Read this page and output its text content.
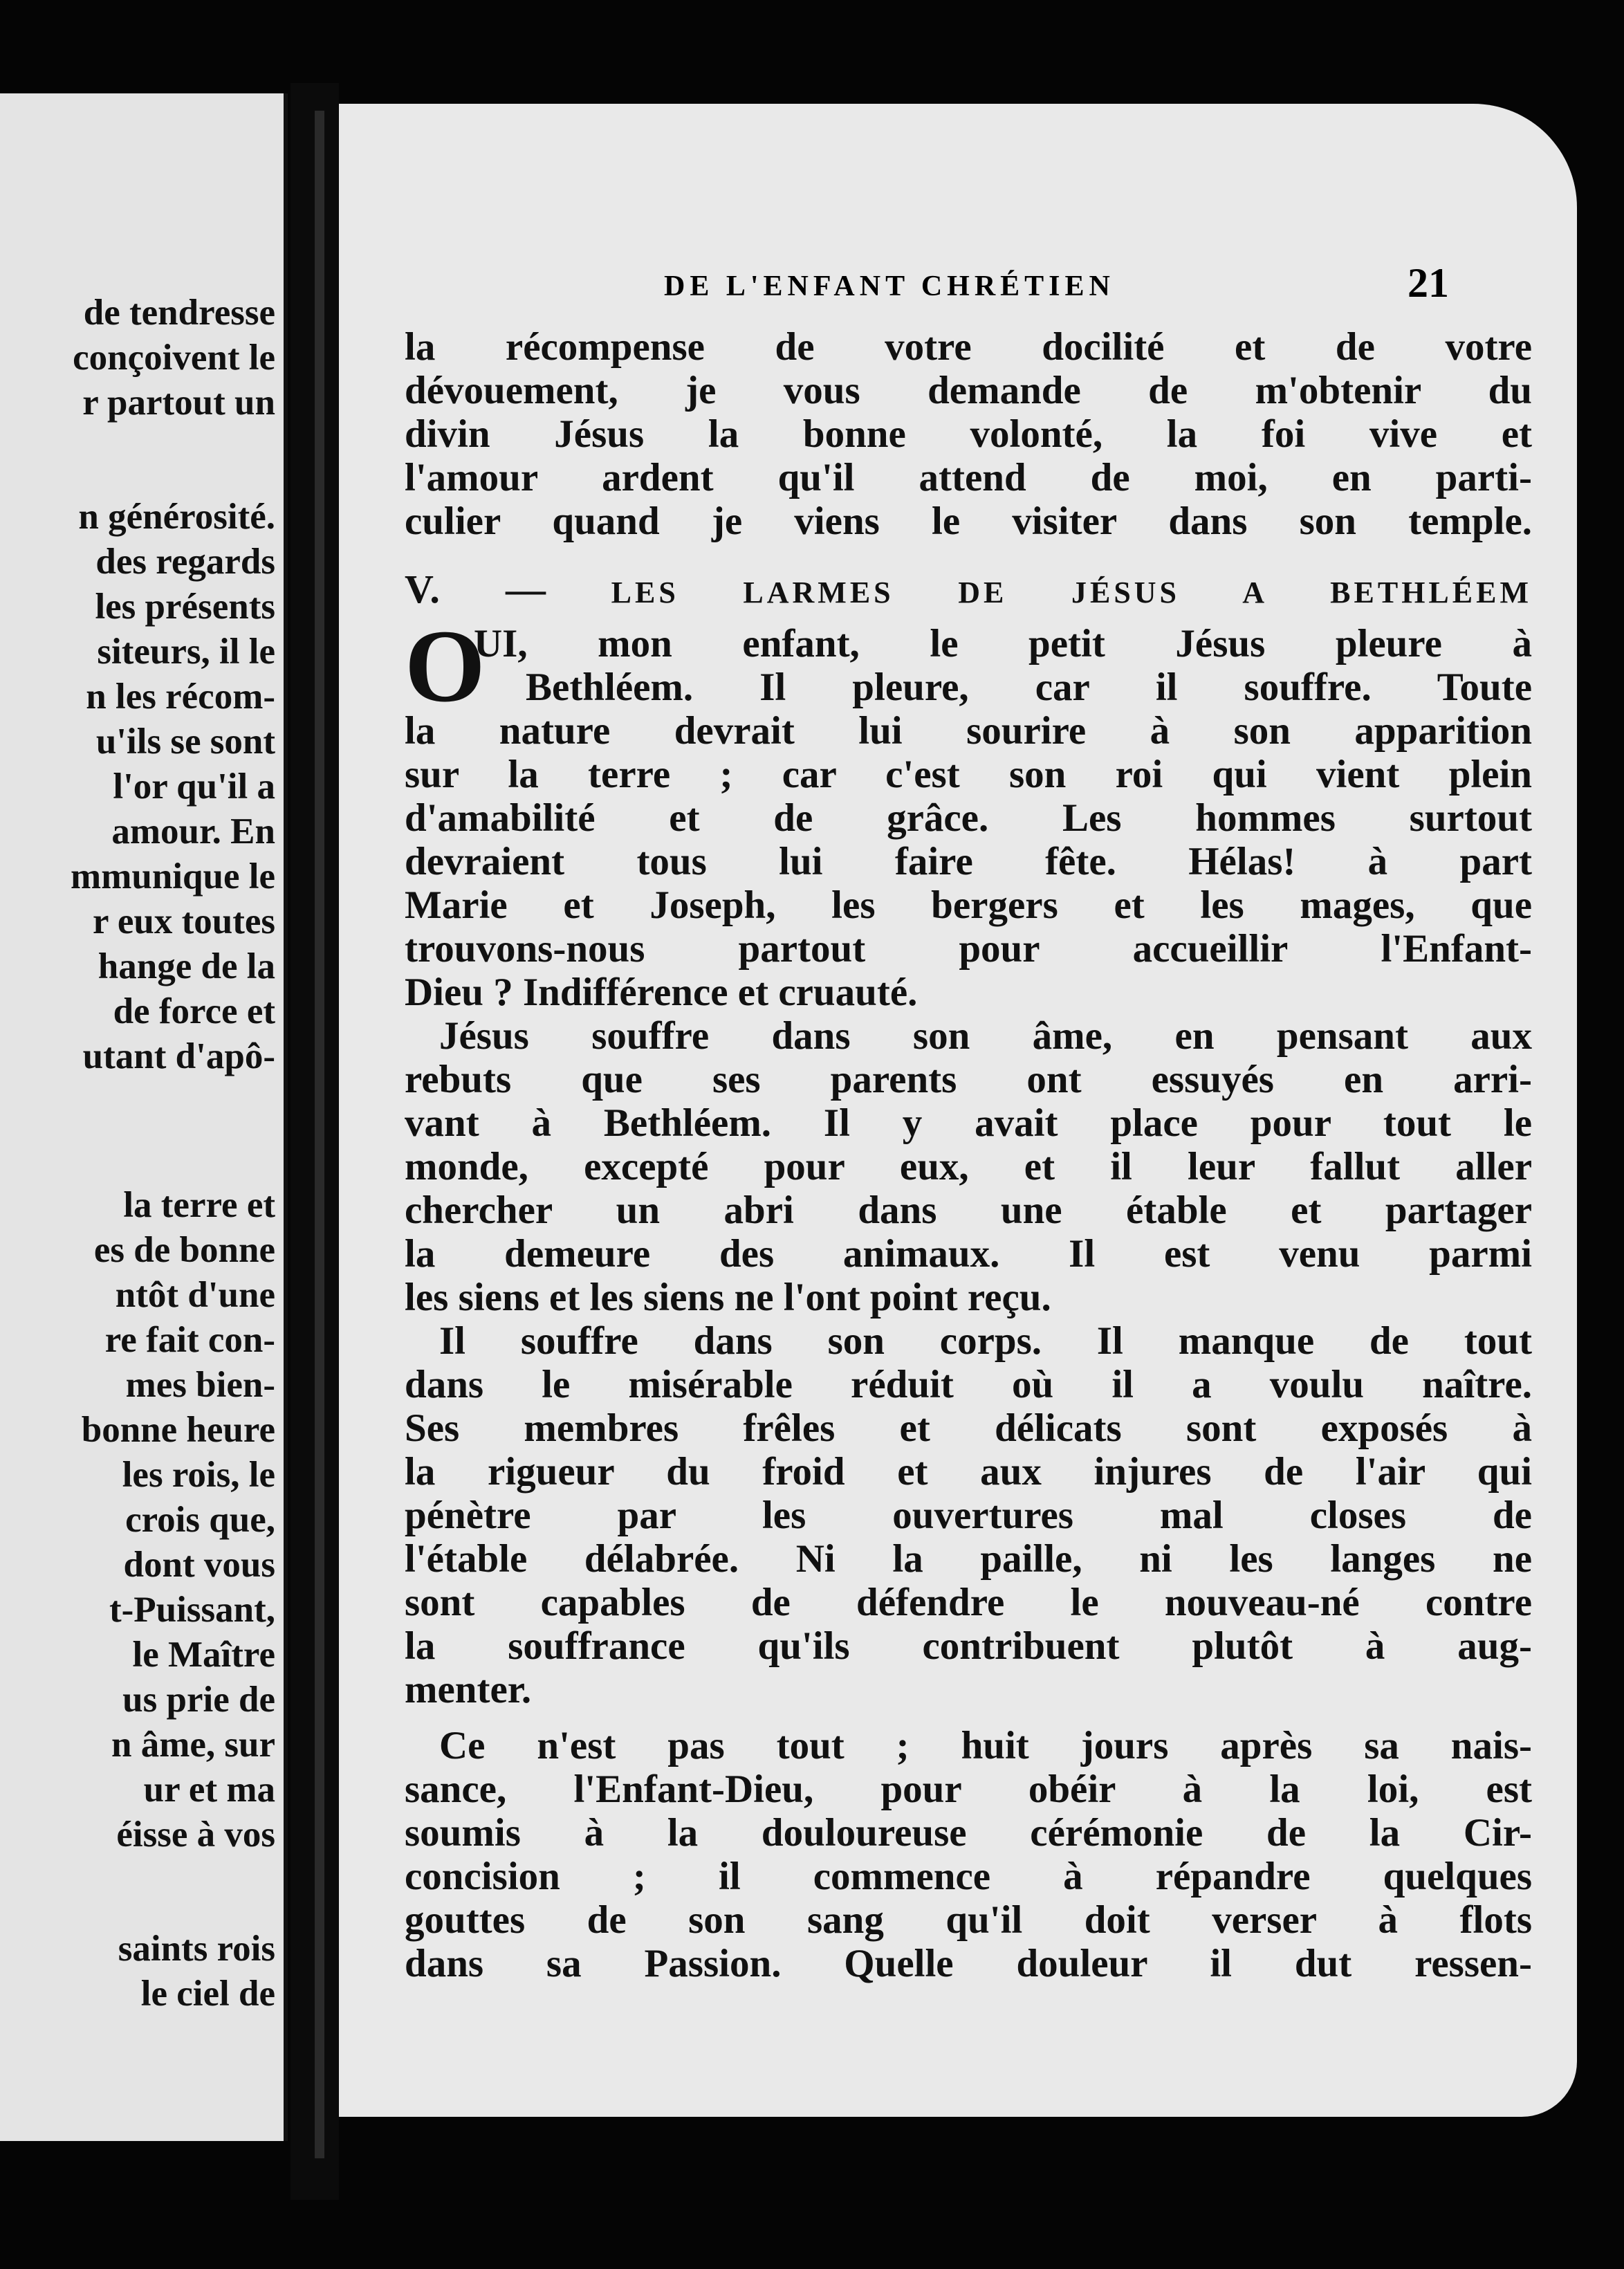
de tendresse
conçoivent le
r partout un
n générosité.
des regards
les présents
siteurs, il le
n les récom-
u'ils se sont
l'or qu'il a
amour. En
mmunique le
r eux toutes
hange de la
de force et
utant d'apô-
la terre et
es de bonne
ntôt d'une
re fait con-
mes bien-
bonne heure
les rois, le
crois que,
dont vous
t-Puissant,
le Maître
us prie de
n âme, sur
ur et ma
éisse à vos
saints rois
le ciel de
DE L'ENFANT CHRÉTIEN	21
la récompense de votre docilité et de votre
dévouement, je vous demande de m'obtenir du
divin Jésus la bonne volonté, la foi vive et
l'amour ardent qu'il attend de moi, en parti-
culier quand je viens le visiter dans son temple.
V. — LES LARMES DE JÉSUS A BETHLÉEM
O
UI, mon enfant, le petit Jésus pleure à
Bethléem. Il pleure, car il souffre. Toute
la nature devrait lui sourire à son apparition
sur la terre ; car c'est son roi qui vient plein
d'amabilité et de grâce. Les hommes surtout
devraient tous lui faire fête. Hélas! à part
Marie et Joseph, les bergers et les mages, que
trouvons-nous partout pour accueillir l'Enfant-
Dieu ? Indifférence et cruauté.
Jésus souffre dans son âme, en pensant aux
rebuts que ses parents ont essuyés en arri-
vant à Bethléem. Il y avait place pour tout le
monde, excepté pour eux, et il leur fallut aller
chercher un abri dans une étable et partager
la demeure des animaux. Il est venu parmi
les siens et les siens ne l'ont point reçu.
Il souffre dans son corps. Il manque de tout
dans le misérable réduit où il a voulu naître.
Ses membres frêles et délicats sont exposés à
la rigueur du froid et aux injures de l'air qui
pénètre par les ouvertures mal closes de
l'étable délabrée. Ni la paille, ni les langes ne
sont capables de défendre le nouveau-né contre
la souffrance qu'ils contribuent plutôt à aug-
menter.
Ce n'est pas tout ; huit jours après sa nais-
sance, l'Enfant-Dieu, pour obéir à la loi, est
soumis à la douloureuse cérémonie de la Cir-
concision ; il commence à répandre quelques
gouttes de son sang qu'il doit verser à flots
dans sa Passion. Quelle douleur il dut ressen-
